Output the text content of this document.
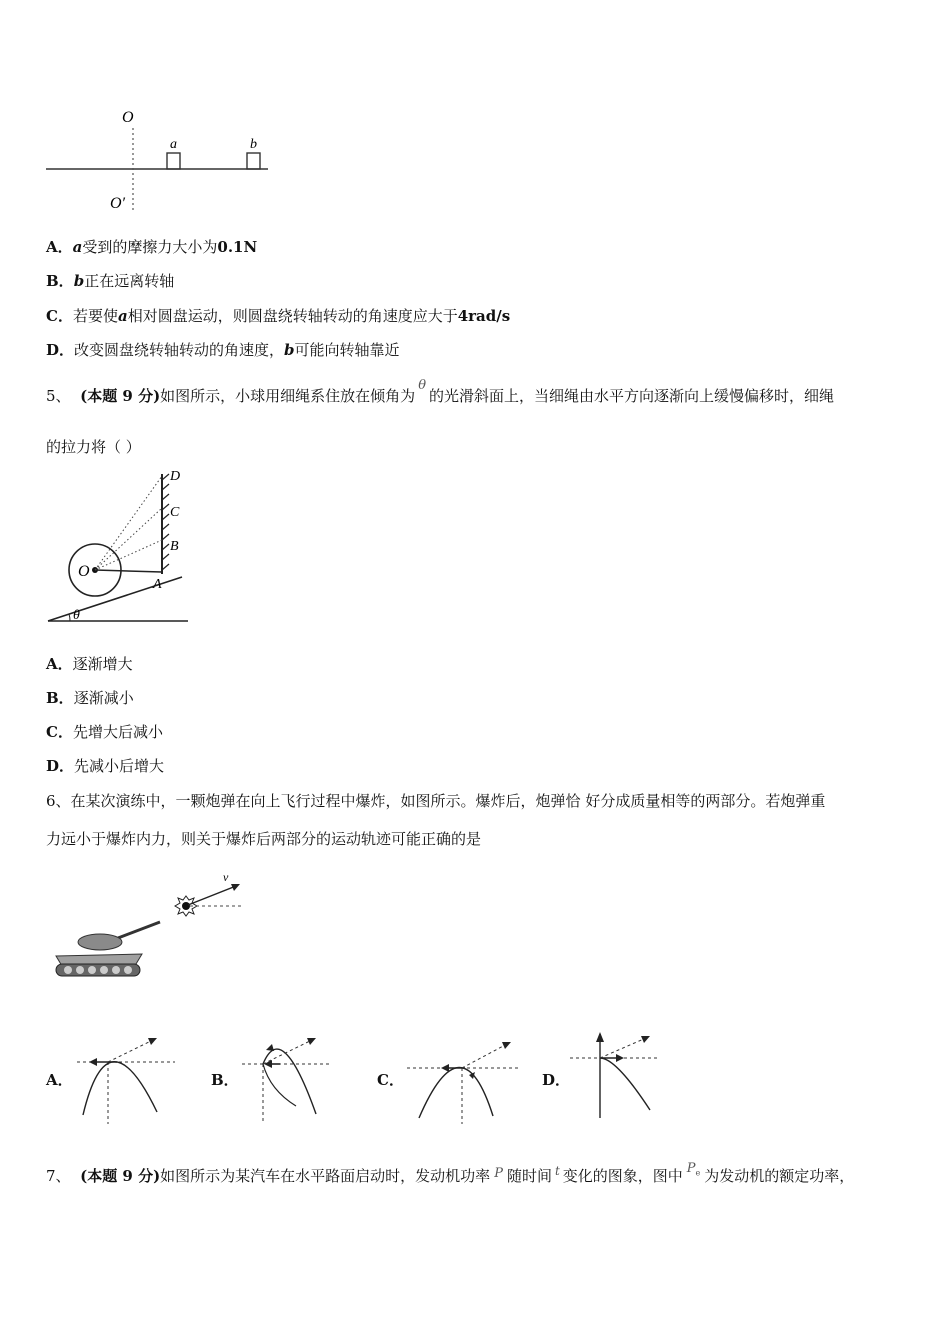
O
O′
a	b
A．a受到的摩擦力大小为0.1N
B．b正在远离转轴
C．若要使a相对圆盘运动，则圆盘绕转轴转动的角速度应大于4rad/s
D．改变圆盘绕转轴转动的角速度，b可能向转轴靠近
5、 (本题 9 分)如图所示，小球用细绳系住放在倾角为θ的光滑斜面上，当细绳由水平方向逐渐向上缓慢偏移时，细绳
的拉力将（ ）
θ
O
A
B
C
D
A．逐渐增大
B．逐渐减小
C．先增大后减小
D．先减小后增大
6、在某次演练中，一颗炮弹在向上飞行过程中爆炸，如图所示。爆炸后，炮弹恰 好分成质量相等的两部分。若炮弹重
力远小于爆炸内力，则关于爆炸后两部分的运动轨迹可能正确的是
v
A．	B．	C．	D．
7、 (本题 9 分)如图所示为某汽车在水平路面启动时，发动机功率 P 随时间 $^t$ 变化的图象，图中 $P_e$ 为发动机的额定功率，
